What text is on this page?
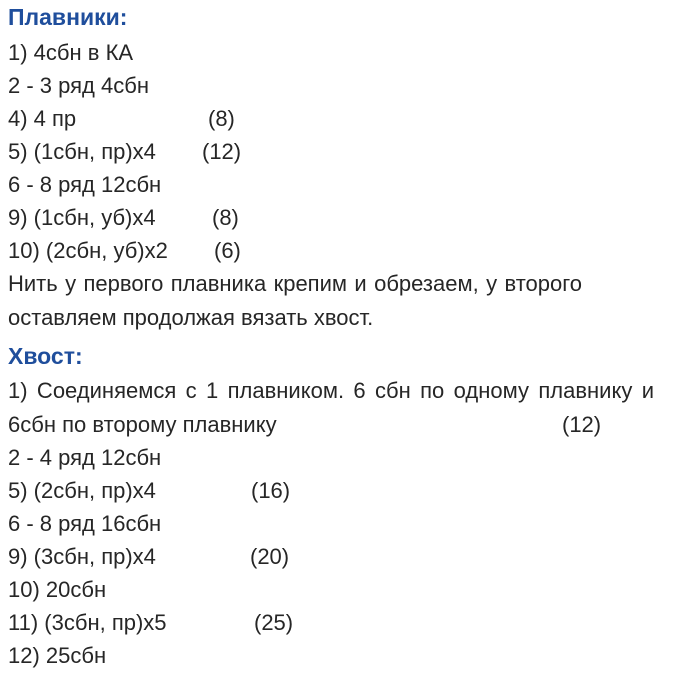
Плавники:
1) 4сбн в КА
2 - 3 ряд 4сбн
4) 4 пр	(8)
5) (1сбн, пр)х4 (12)
6 - 8 ряд 12сбн
9) (1сбн, уб)х4	(8)
10) (2сбн, уб)х2 (6)
Нить у первого плавника крепим и обрезаем, у второго оставляем продолжая вязать хвост.
Хвост:
1) Соединяемся с 1 плавником. 6 сбн по одному плавнику и 6сбн по второму плавнику	(12)
2 - 4 ряд 12сбн
5) (2сбн, пр)х4	(16)
6 - 8 ряд 16сбн
9) (3сбн, пр)х4	(20)
10) 20сбн
11) (3сбн, пр)х5	(25)
12) 25сбн
